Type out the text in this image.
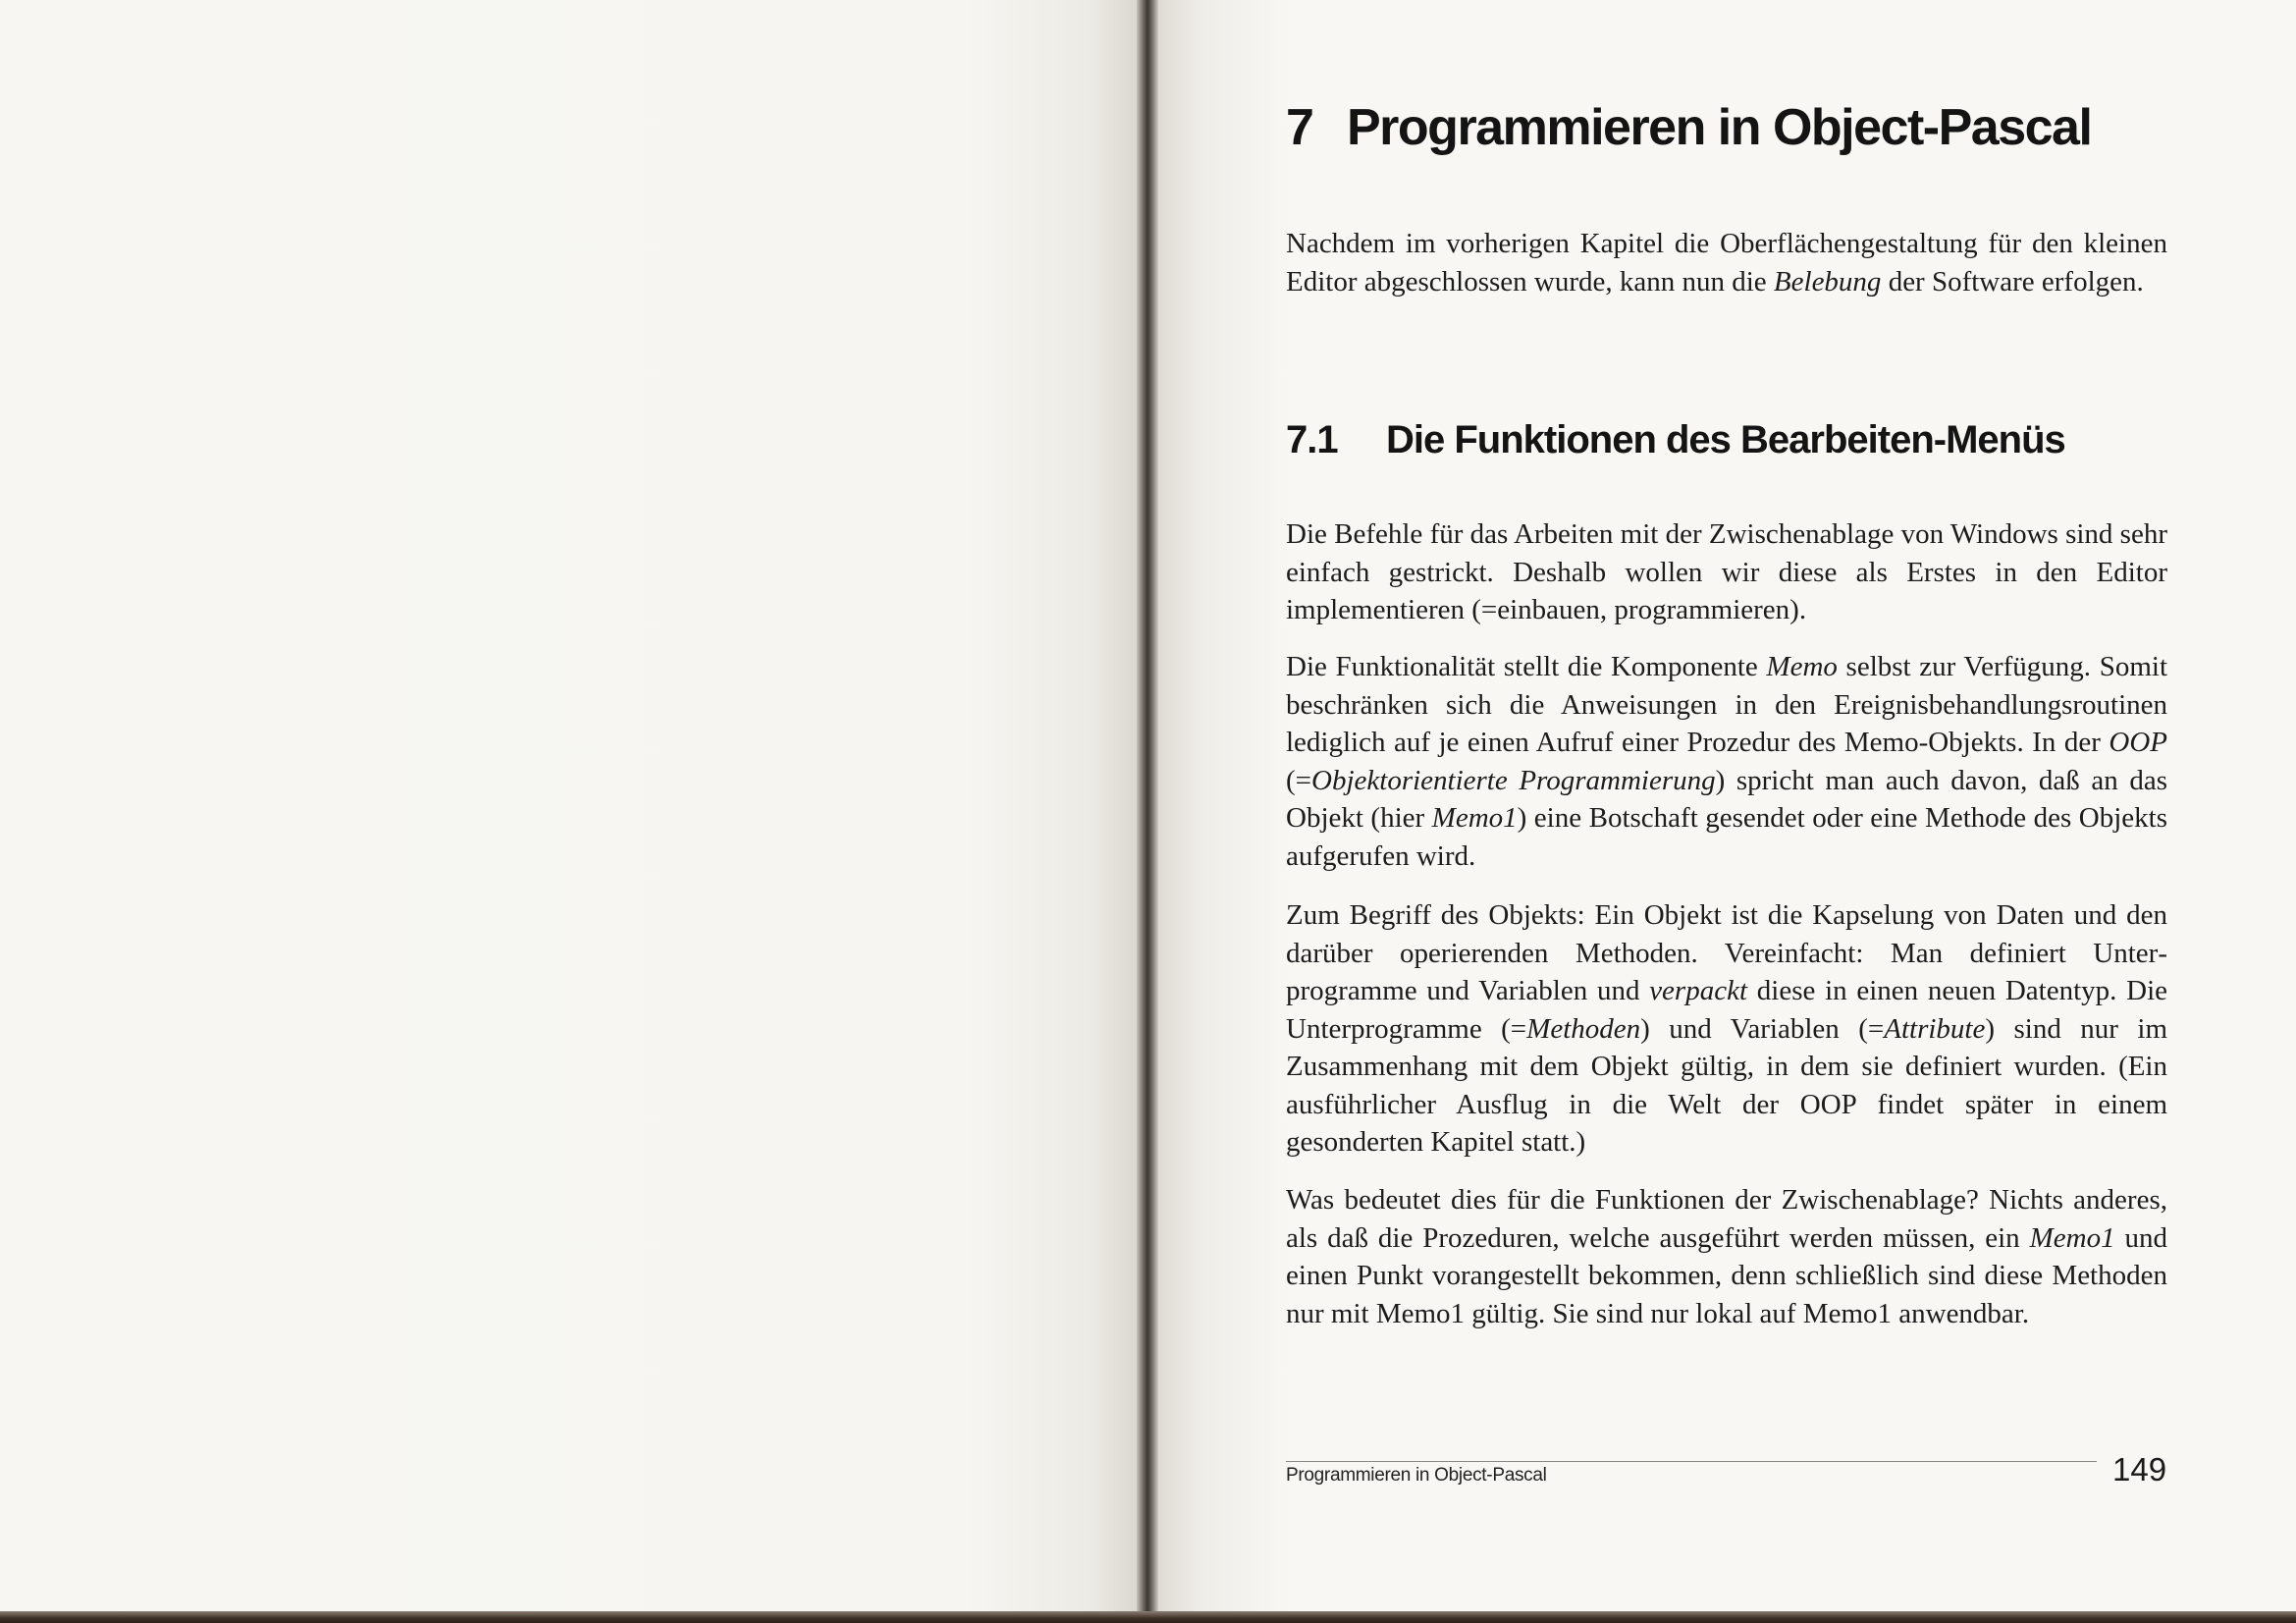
7 Programmieren in Object-Pascal

Nachdem im vorherigen Kapitel die Oberflächengestaltung für den kleinen Editor abgeschlossen wurde, kann nun die Belebung der Software erfolgen.

7.1 Die Funktionen des Bearbeiten-Menüs

Die Befehle für das Arbeiten mit der Zwischenablage von Windows sind sehr einfach gestrickt. Deshalb wollen wir diese als Erstes in den Editor implementieren (=einbauen, programmieren).

Die Funktionalität stellt die Komponente Memo selbst zur Verfügung. Somit beschränken sich die Anweisungen in den Ereignisbehandlungsroutinen lediglich auf je einen Aufruf einer Prozedur des Memo-Objekts. In der OOP (=Objektorientierte Programmierung) spricht man auch davon, daß an das Objekt (hier Memo1) eine Botschaft gesendet oder eine Methode des Objekts aufgerufen wird.

Zum Begriff des Objekts: Ein Objekt ist die Kapselung von Daten und den darüber operierenden Methoden. Vereinfacht: Man definiert Unterprogramme und Variablen und verpackt diese in einen neuen Datentyp. Die Unterprogramme (=Methoden) und Variablen (=Attribute) sind nur im Zusammenhang mit dem Objekt gültig, in dem sie definiert wurden. (Ein ausführlicher Ausflug in die Welt der OOP findet später in einem gesonderten Kapitel statt.)

Was bedeutet dies für die Funktionen der Zwischenablage? Nichts anderes, als daß die Prozeduren, welche ausgeführt werden müssen, ein Memo1 und einen Punkt vorangestellt bekommen, denn schließlich sind diese Methoden nur mit Memo1 gültig. Sie sind nur lokal auf Memo1 anwendbar.

Programmieren in Object-Pascal	149
